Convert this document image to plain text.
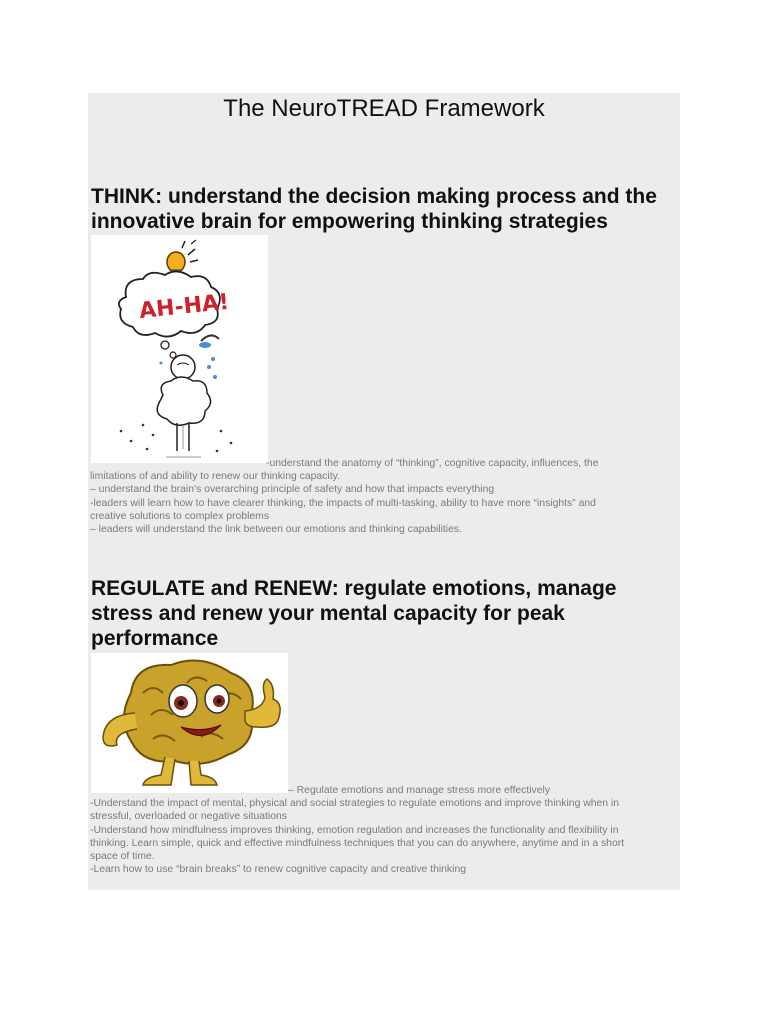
The NeuroTREAD Framework
THINK: understand the decision making process and the innovative brain for empowering thinking strategies
AH-HA!
-understand the anatomy of “thinking”, cognitive capacity, influences, the
limitations of and ability to renew our thinking capacity.
– understand the brain’s overarching principle of safety and how that impacts everything
-leaders will learn how to have clearer thinking, the impacts of multi-tasking, ability to have more “insights” and
creative solutions to complex problems
– leaders will understand the link between our emotions and thinking capabilities.
REGULATE and RENEW: regulate emotions, manage stress and renew your mental capacity for peak performance
– Regulate emotions and manage stress more effectively
-Understand the impact of mental, physical and social strategies to regulate emotions and improve thinking when in
stressful, overloaded or negative situations
-Understand how mindfulness improves thinking, emotion regulation and increases the functionality and flexibility in
thinking. Learn simple, quick and effective mindfulness techniques that you can do anywhere, anytime and in a short
space of time.
-Learn how to use “brain breaks” to renew cognitive capacity and creative thinking
